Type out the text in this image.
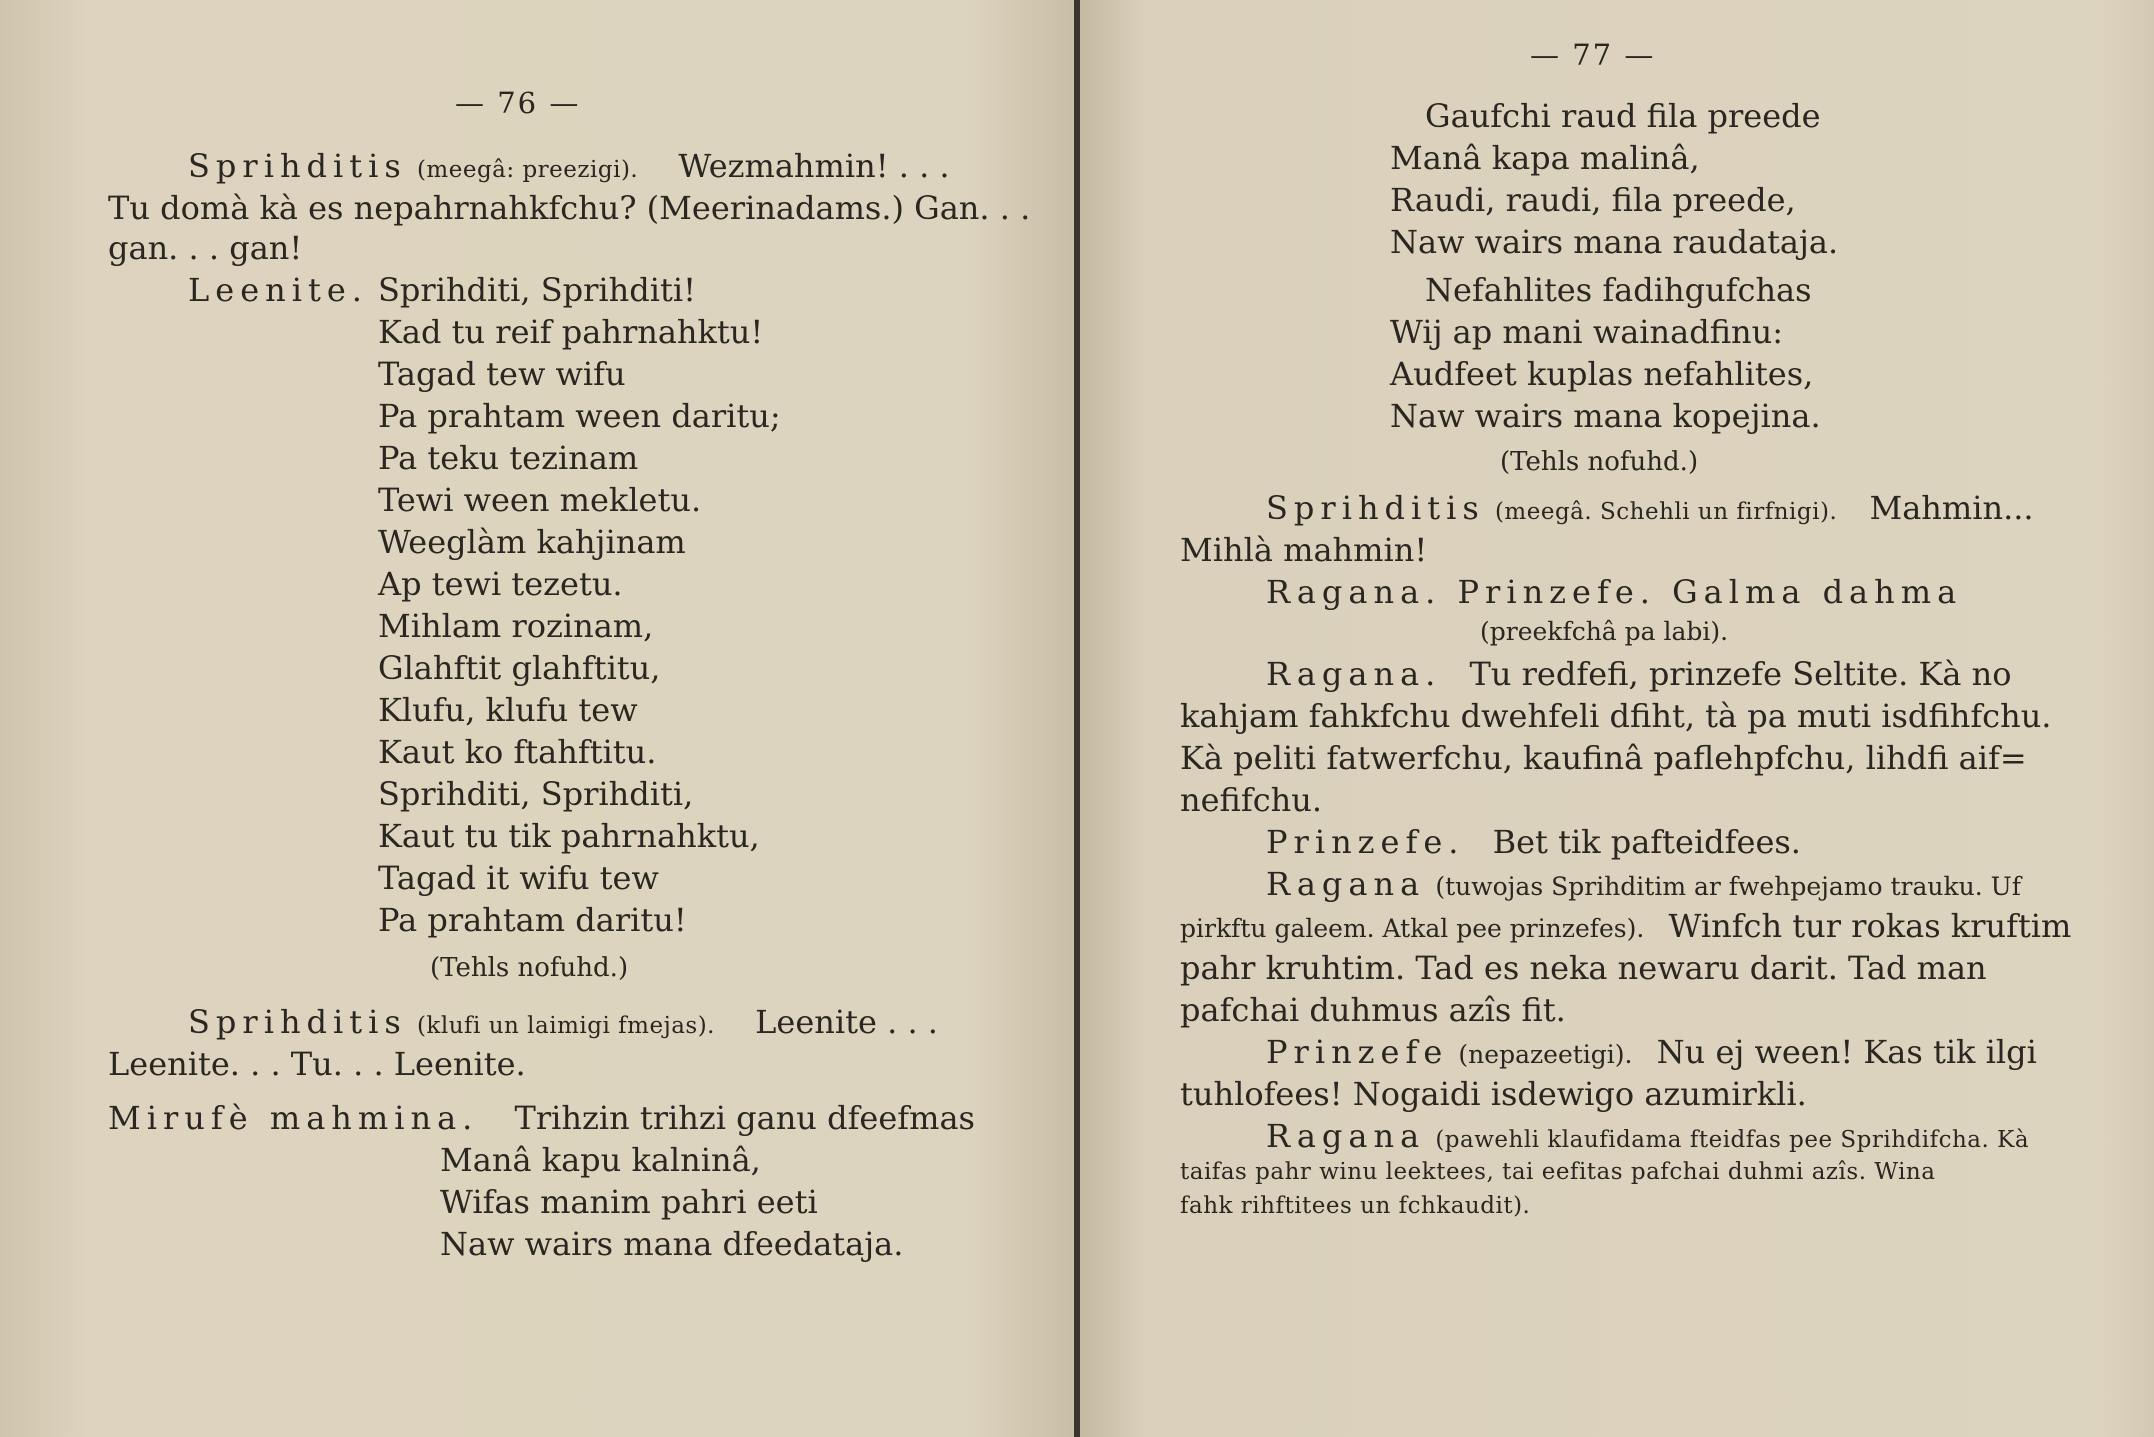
— 76 —
Sprihditis (meegâ: preezigi). Wezmahmin! . . .
Tu domà kà es nepahrnahkfchu? (Meerinadams.) Gan. . .
gan. . . gan!
Leenite. Sprihditi, Sprihditi!
Kad tu reif pahrnahktu!
Tagad tew wifu
Pa prahtam ween daritu;
Pa teku tezinam
Tewi ween mekletu.
Weeglàm kahjinam
Ap tewi tezetu.
Mihlam rozinam,
Glahftit glahftitu,
Klufu, klufu tew
Kaut ko ftahftitu.
Sprihditi, Sprihditi,
Kaut tu tik pahrnahktu,
Tagad it wifu tew
Pa prahtam daritu!
(Tehls nofuhd.)
Sprihditis (klufi un laimigi fmejas). Leenite . . .
Leenite. . . Tu. . . Leenite.
Mirufè mahmina. Trihzin trihzi ganu dfeefmas
Manâ kapu kalninâ,
Wifas manim pahri eeti
Naw wairs mana dfeedataja.
— 77 —
Gaufchi raud fila preede
Manâ kapa malinâ,
Raudi, raudi, fila preede,
Naw wairs mana raudataja.
Nefahlites fadihgufchas
Wij ap mani wainadfinu:
Audfeet kuplas nefahlites,
Naw wairs mana kopejina.
(Tehls nofuhd.)
Sprihditis (meegâ. Schehli un firfnigi). Mahmin...
Mihlà mahmin!
Ragana. Prinzefe. Galma dahma
(preekfchâ pa labi).
Ragana. Tu redfefi, prinzefe Seltite. Kà no
kahjam fahkfchu dwehfeli dfiht, tà pa muti isdfihfchu.
Kà peliti fatwerfchu, kaufinâ paflehpfchu, lihdfi aif=
nefifchu.
Prinzefe. Bet tik pafteidfees.
Ragana (tuwojas Sprihditim ar fwehpejamo trauku. Uf
pirkftu galeem. Atkal pee prinzefes). Winfch tur rokas kruftim
pahr kruhtim. Tad es neka newaru darit. Tad man
pafchai duhmus azîs fit.
Prinzefe (nepazeetigi). Nu ej ween! Kas tik ilgi
tuhlofees! Nogaidi isdewigo azumirkli.
Ragana (pawehli klaufidama fteidfas pee Sprihdifcha. Kà
taifas pahr winu leektees, tai eefitas pafchai duhmi azîs. Wina
fahk rihftitees un fchkaudit).
